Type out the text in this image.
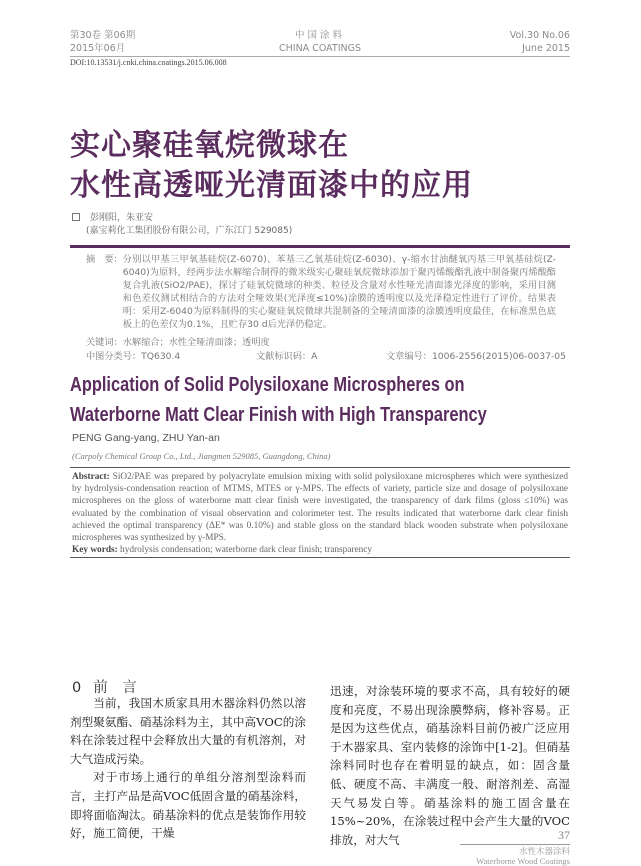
第30卷 第06期
2015年06月
中国涂料
CHINA COATINGS
Vol.30 No.06
June 2015
DOI:10.13531/j.cnki.china.coatings.2015.06.008
实心聚硅氧烷微球在
水性高透哑光清面漆中的应用
彭刚阳，朱亚安
(嘉宝莉化工集团股份有限公司，广东江门 529085)
摘　要： 分别以甲基三甲氧基硅烷(Z-6070)、苯基三乙氧基硅烷(Z-6030)、γ-缩水甘油醚氧丙基三甲氧基硅烷(Z-6040)为原料，经两步法水解缩合制得的微米级实心聚硅氧烷微球添加于聚丙烯酸酯乳液中制备聚丙烯酸酯复合乳液(SiO2/PAE)，探讨了硅氧烷微球的种类、粒径及含量对水性哑光清面漆光泽度的影响，采用目测和色差仪测试相结合的方法对全哑效果(光泽度≤10%)涂膜的透明度以及光泽稳定性进行了评价。结果表明：采用Z-6040为原料制得的实心聚硅氧烷微球共混制备的全哑清面漆的涂膜透明度最佳，在标准黑色底板上的色差仅为0.1%，且贮存30 d后光泽仍稳定。
关键词：水解缩合；水性全哑清面漆；透明度
中图分类号：TQ630.4	文献标识码：A	文章编号：1006-2556(2015)06-0037-05
Application of Solid Polysiloxane Microspheres on
Waterborne Matt Clear Finish with High Transparency
PENG Gang-yang, ZHU Yan-an
(Carpoly Chemical Group Co., Ltd., Jiangmen 529085, Guangdong, China)
Abstract: SiO2/PAE was prepared by polyacrylate emulsion mixing with solid polysiloxane microspheres which were synthesized by hydrolysis-condensation reaction of MTMS, MTES or γ-MPS. The effects of variety, particle size and dosage of polysiloxane microspheres on the gloss of waterborne matt clear finish were investigated, the transparency of dark films (gloss ≤10%) was evaluated by the combination of visual observation and colorimeter test. The results indicated that waterborne dark clear finish achieved the optimal transparency (ΔE* was 0.10%) and stable gloss on the standard black wooden substrate when polysiloxane microspheres was synthesized by γ-MPS.
Key words: hydrolysis condensation; waterborne dark clear finish; transparency
0 前　言

当前，我国木质家具用木器涂料仍然以溶剂型聚氨酯、硝基涂料为主，其中高VOC的涂料在涂装过程中会释放出大量的有机溶剂，对大气造成污染。

对于市场上通行的单组分溶剂型涂料而言，主打产品是高VOC低固含量的硝基涂料，即将面临淘汰。硝基涂料的优点是装饰作用较好，施工简便，干燥

迅速，对涂装环境的要求不高，具有较好的硬度和亮度，不易出现涂膜弊病，修补容易。正是因为这些优点，硝基涂料目前仍被广泛应用于木器家具、室内装修的涂饰中[1-2]。但硝基涂料同时也存在着明显的缺点，如：固含量低、硬度不高、丰满度一般、耐溶剂差、高湿天气易发白等。硝基涂料的施工固含量在15%~20%，在涂装过程中会产生大量的VOC排放，对大气	37
水性木器涂料
Waterborne Wood Coatings
